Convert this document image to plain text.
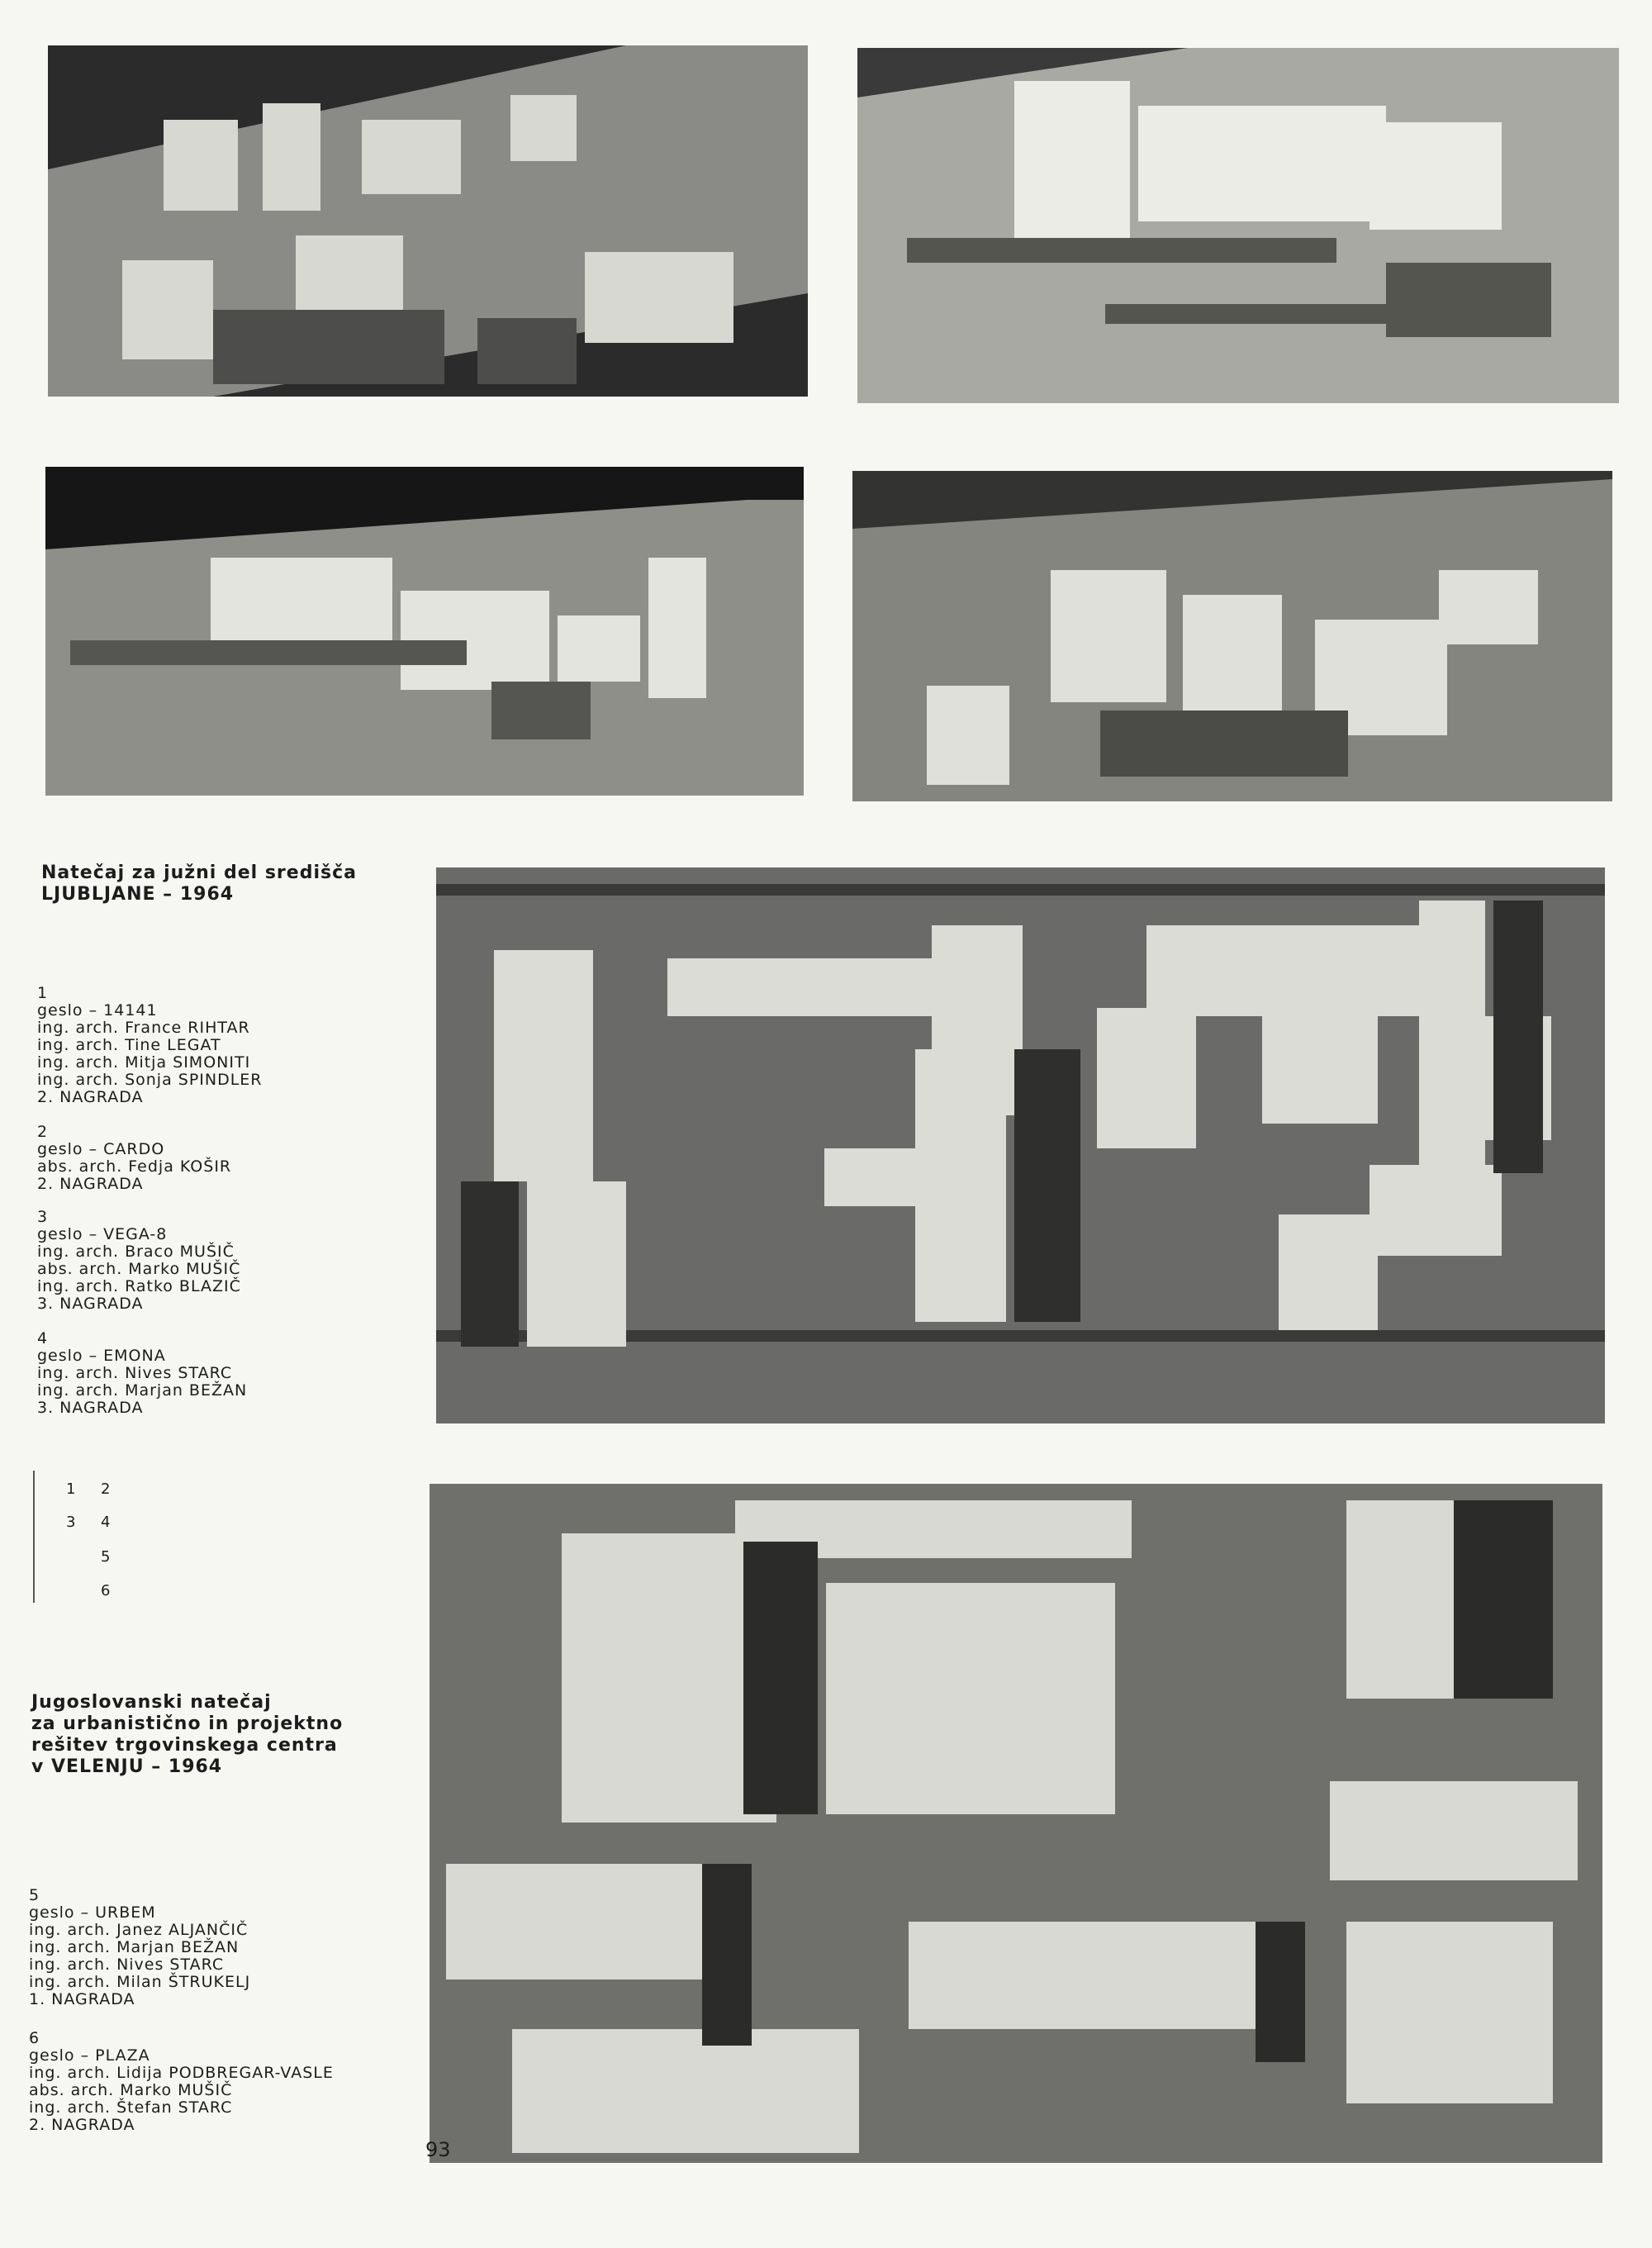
Natečaj za južni del središča
LJUBLJANE – 1964

1
geslo – 14141
ing. arch. France RIHTAR
ing. arch. Tine LEGAT
ing. arch. Mitja SIMONITI
ing. arch. Sonja SPINDLER
2. NAGRADA
2
geslo – CARDO
abs. arch. Fedja KOŠIR
2. NAGRADA
3
geslo – VEGA-8
ing. arch. Braco MUŠIČ
abs. arch. Marko MUŠIČ
ing. arch. Ratko BLAZIČ
3. NAGRADA
4
geslo – EMONA
ing. arch. Nives STARC
ing. arch. Marjan BEŽAN
3. NAGRADA
1 2
3 4
5
6

Jugoslovanski natečaj
za urbanistično in projektno
rešitev trgovinskega centra
v VELENJU – 1964

5
geslo – URBEM
ing. arch. Janez ALJANČIČ
ing. arch. Marjan BEŽAN
ing. arch. Nives STARC
ing. arch. Milan ŠTRUKELJ
1. NAGRADA
6
geslo – PLAZA
ing. arch. Lidija PODBREGAR-VASLE
abs. arch. Marko MUŠIČ
ing. arch. Štefan STARC
2. NAGRADA
93
